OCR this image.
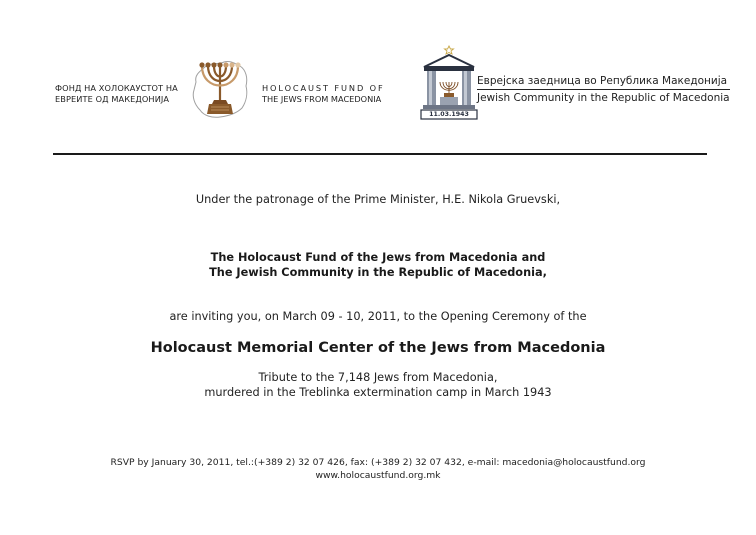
ФОНД НА ХОЛОКАУСТОТ НА
ЕВРЕИТЕ ОД МАКЕДОНИЈА
HOLOCAUST FUND OF
THE JEWS FROM MACEDONIA
11.03.1943
Еврејска заедница во Република Македонија
Jewish Community in the Republic of Macedonia
Under the patronage of the Prime Minister, H.E. Nikola Gruevski,
The Holocaust Fund of the Jews from Macedonia and
The Jewish Community in the Republic of Macedonia,
are inviting you, on March 09 - 10, 2011, to the Opening Ceremony of the
Holocaust Memorial Center of the Jews from Macedonia
Tribute to the 7,148 Jews from Macedonia,
murdered in the Treblinka extermination camp in March 1943
RSVP by January 30, 2011, tel.:(+389 2) 32 07 426, fax: (+389 2) 32 07 432, e-mail: macedonia@holocaustfund.org
www.holocaustfund.org.mk
